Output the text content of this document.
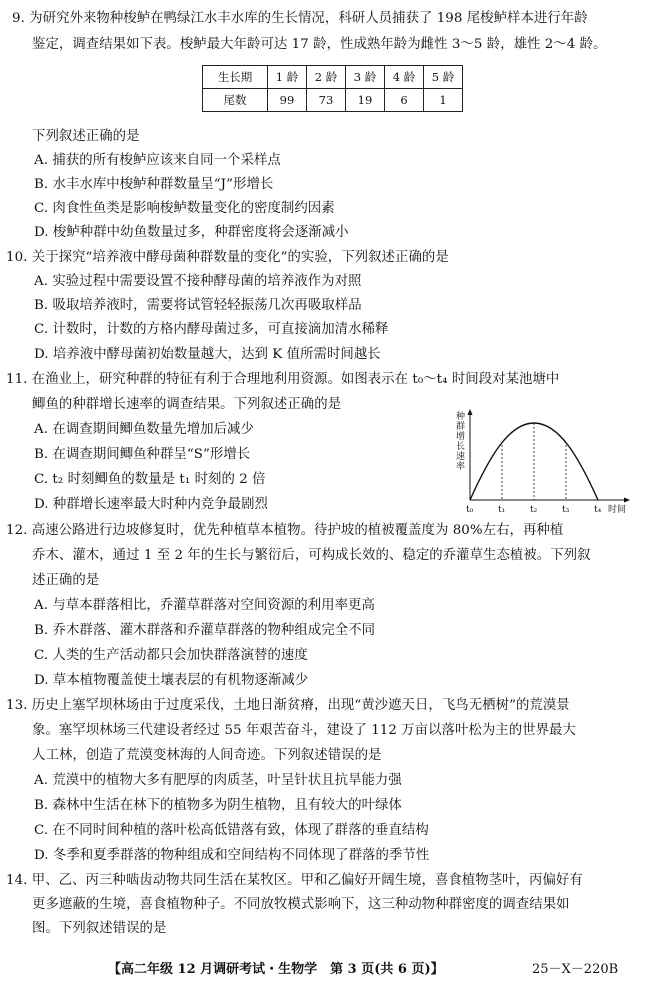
9. 为研究外来物种梭鲈在鸭绿江水丰水库的生长情况，科研人员捕获了 198 尾梭鲈样本进行年龄
鉴定，调查结果如下表。梭鲈最大年龄可达 17 龄，性成熟年龄为雌性 3～5 龄，雄性 2～4 龄。
生长期	1 龄	2 龄	3 龄	4 龄	5 龄
尾数	99	73	19	6	1
下列叙述正确的是
A. 捕获的所有梭鲈应该来自同一个采样点
B. 水丰水库中梭鲈种群数量呈“J”形增长
C. 肉食性鱼类是影响梭鲈数量变化的密度制约因素
D. 梭鲈种群中幼鱼数量过多，种群密度将会逐渐减小
10. 关于探究“培养液中酵母菌种群数量的变化”的实验，下列叙述正确的是
A. 实验过程中需要设置不接种酵母菌的培养液作为对照
B. 吸取培养液时，需要将试管轻轻振荡几次再吸取样品
C. 计数时，计数的方格内酵母菌过多，可直接滴加清水稀释
D. 培养液中酵母菌初始数量越大，达到 K 值所需时间越长
11. 在渔业上，研究种群的特征有利于合理地利用资源。如图表示在 t₀～t₄ 时间段对某池塘中
鲫鱼的种群增长速率的调查结果。下列叙述正确的是
A. 在调查期间鲫鱼数量先增加后减少
B. 在调查期间鲫鱼种群呈“S”形增长
C. t₂ 时刻鲫鱼的数量是 t₁ 时刻的 2 倍
D. 种群增长速率最大时种内竞争最剧烈
种群增长速率
t₀	t₁	t₂	t₃	t₄ 时间
12. 高速公路进行边坡修复时，优先种植草本植物。待护坡的植被覆盖度为 80%左右，再种植
乔木、灌木，通过 1 至 2 年的生长与繁衍后，可构成长效的、稳定的乔灌草生态植被。下列叙
述正确的是
A. 与草本群落相比，乔灌草群落对空间资源的利用率更高
B. 乔木群落、灌木群落和乔灌草群落的物种组成完全不同
C. 人类的生产活动都只会加快群落演替的速度
D. 草本植物覆盖使土壤表层的有机物逐渐减少
13. 历史上塞罕坝林场由于过度采伐，土地日渐贫瘠，出现“黄沙遮天日，飞鸟无栖树”的荒漠景
象。塞罕坝林场三代建设者经过 55 年艰苦奋斗，建设了 112 万亩以落叶松为主的世界最大
人工林，创造了荒漠变林海的人间奇迹。下列叙述错误的是
A. 荒漠中的植物大多有肥厚的肉质茎，叶呈针状且抗旱能力强
B. 森林中生活在林下的植物多为阴生植物，且有较大的叶绿体
C. 在不同时间种植的落叶松高低错落有致，体现了群落的垂直结构
D. 冬季和夏季群落的物种组成和空间结构不同体现了群落的季节性
14. 甲、乙、丙三种啮齿动物共同生活在某牧区。甲和乙偏好开阔生境，喜食植物茎叶，丙偏好有
更多遮蔽的生境，喜食植物种子。不同放牧模式影响下，这三种动物种群密度的调查结果如
图。下列叙述错误的是
【高二年级 12 月调研考试・生物学　第 3 页(共 6 页)】	25－X－220B
